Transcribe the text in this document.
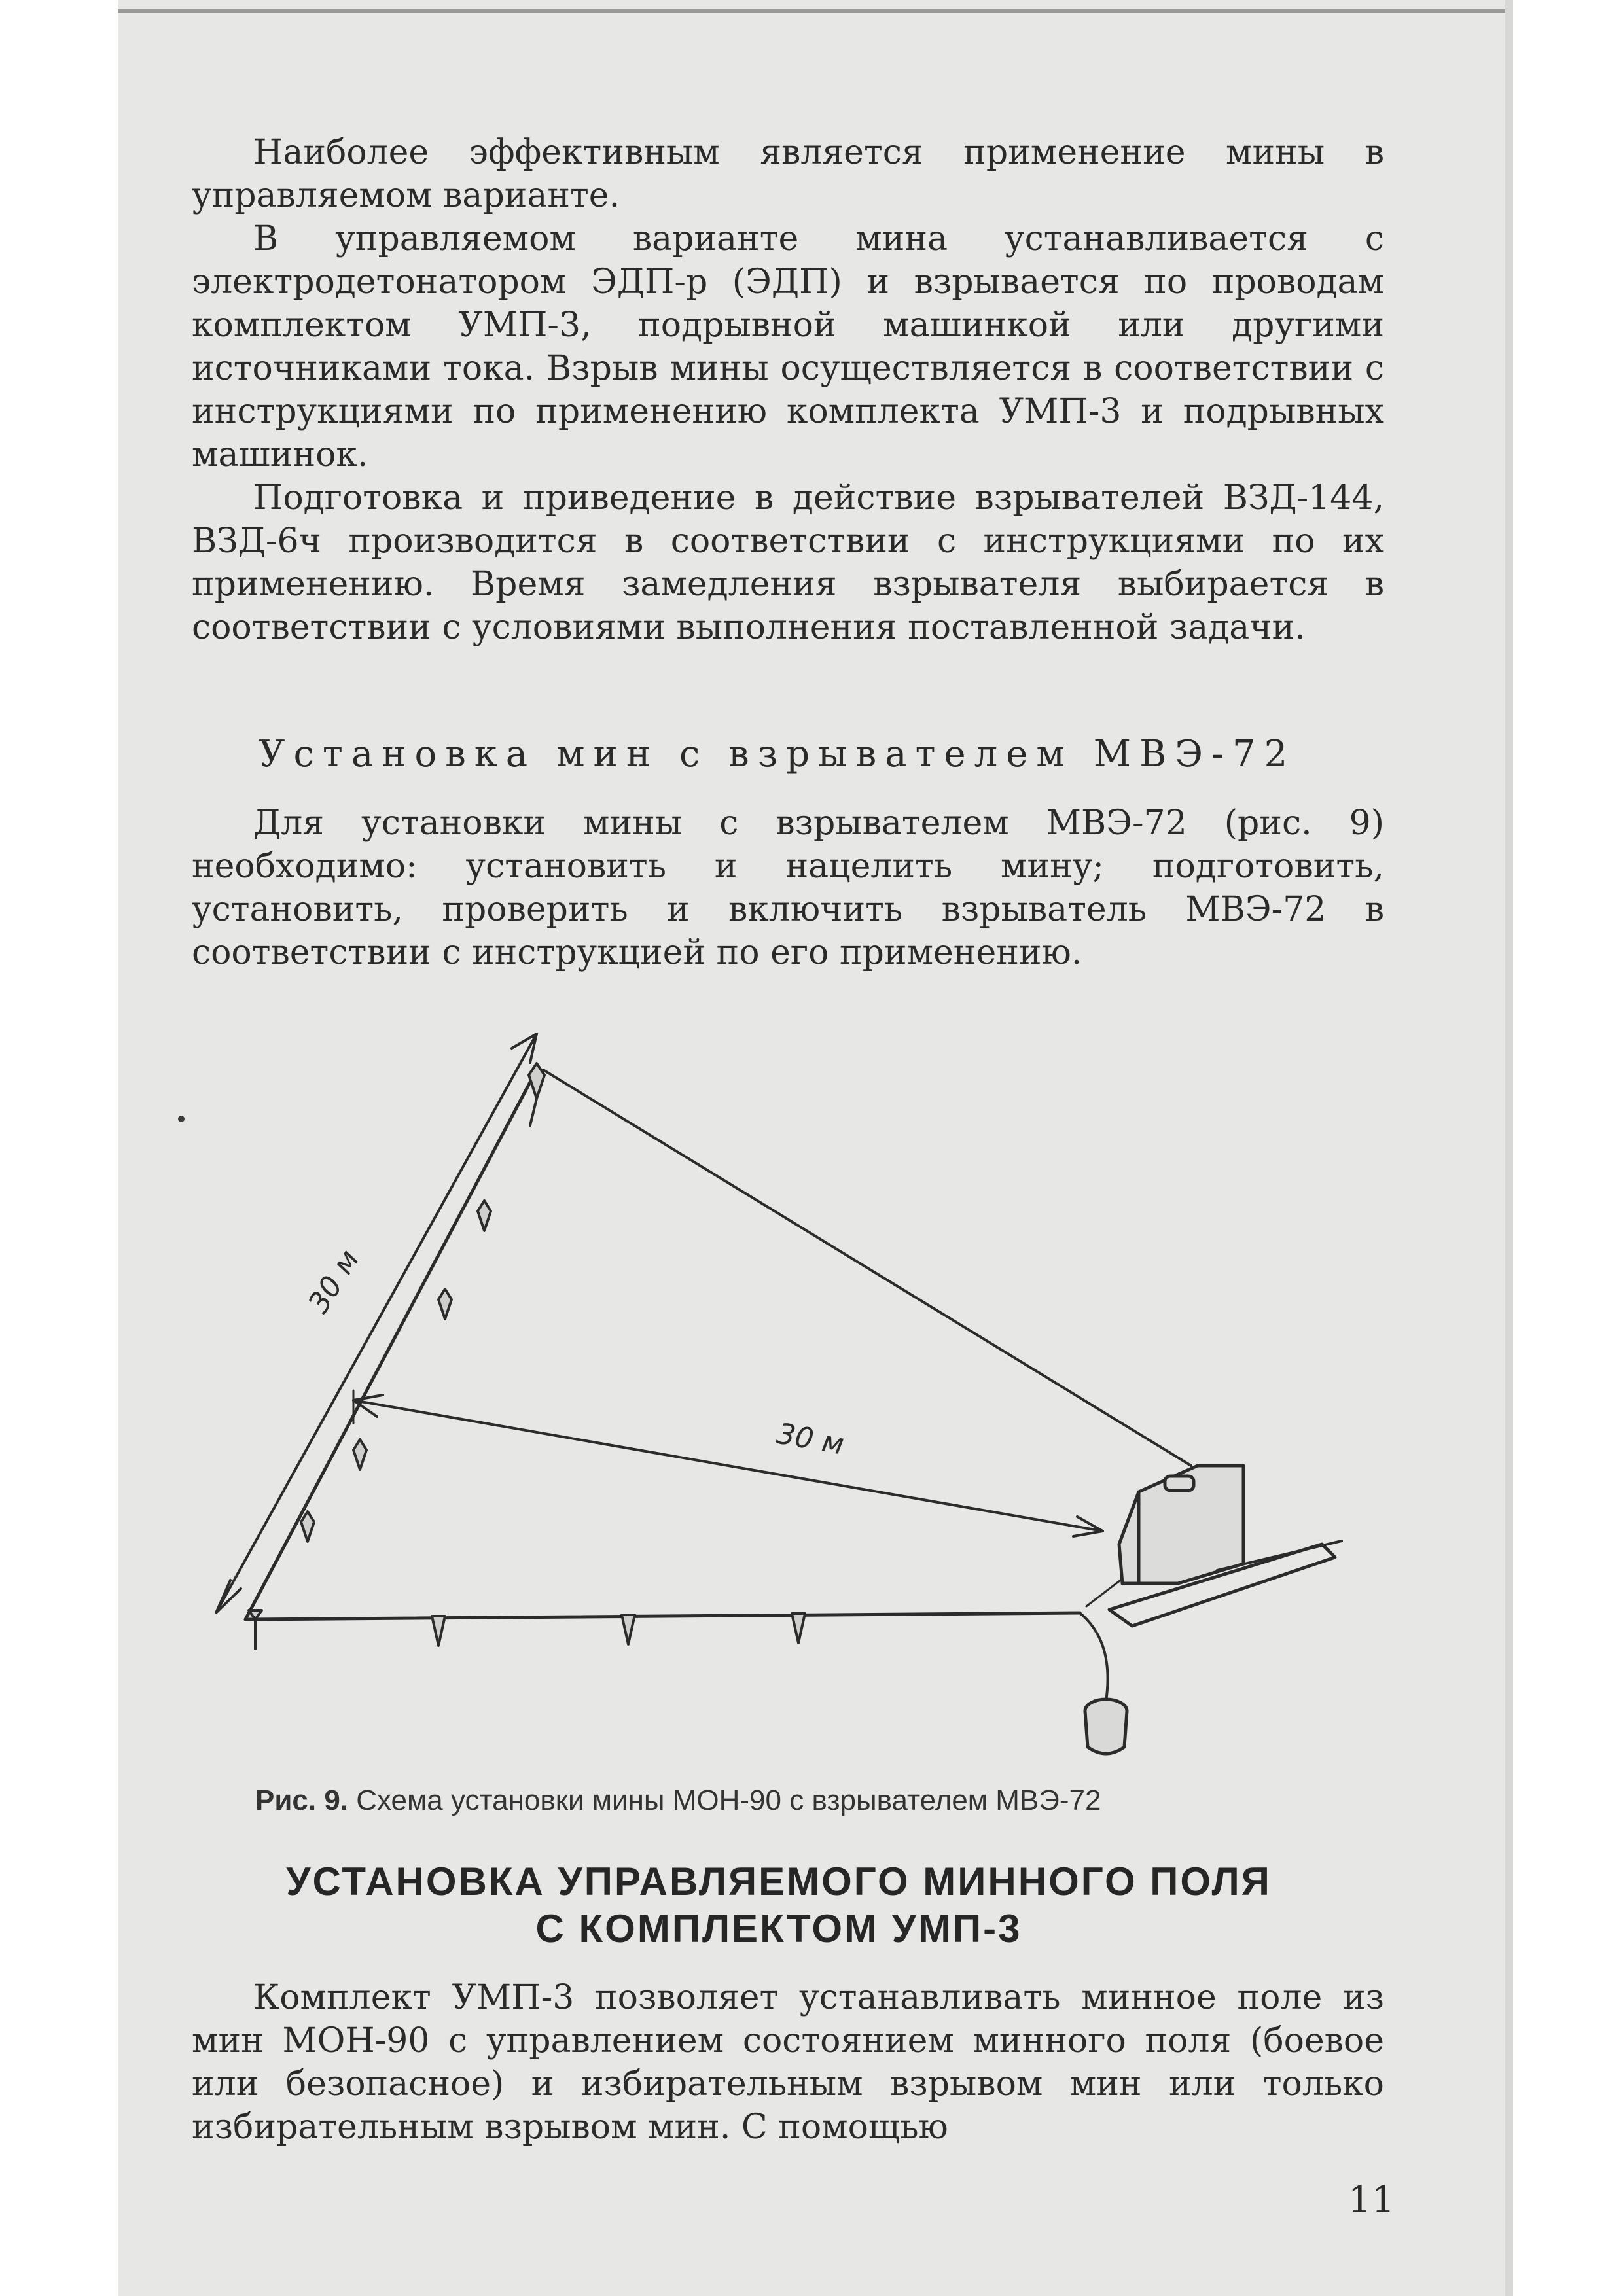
Наиболее эффективным является применение мины в управляемом варианте.

В управляемом варианте мина устанавливается с электродетонатором ЭДП-р (ЭДП) и взрывается по проводам комплектом УМП-3, подрывной машинкой или другими источниками тока. Взрыв мины осуществляется в соответствии с инструкциями по применению комплекта УМП-3 и подрывных машинок.

Подготовка и приведение в действие взрывателей ВЗД-144, ВЗД-6ч производится в соответствии с инструкциями по их применению. Время замедления взрывателя выбирается в соответствии с условиями выполнения поставленной задачи.

Установка мин с взрывателем МВЭ-72

Для установки мины с взрывателем МВЭ-72 (рис. 9) необходимо: установить и нацелить мину; подготовить, установить, проверить и включить взрыватель МВЭ-72 в соответствии с инструкцией по его применению.

30 м
30 м

Рис. 9. Схема установки мины МОН-90 с взрывателем МВЭ-72

УСТАНОВКА УПРАВЛЯЕМОГО МИННОГО ПОЛЯ
С КОМПЛЕКТОМ УМП-3

Комплект УМП-3 позволяет устанавливать минное поле из мин МОН-90 с управлением состоянием минного поля (боевое или безопасное) и избирательным взрывом мин или только избирательным взрывом мин. С помощью

11
